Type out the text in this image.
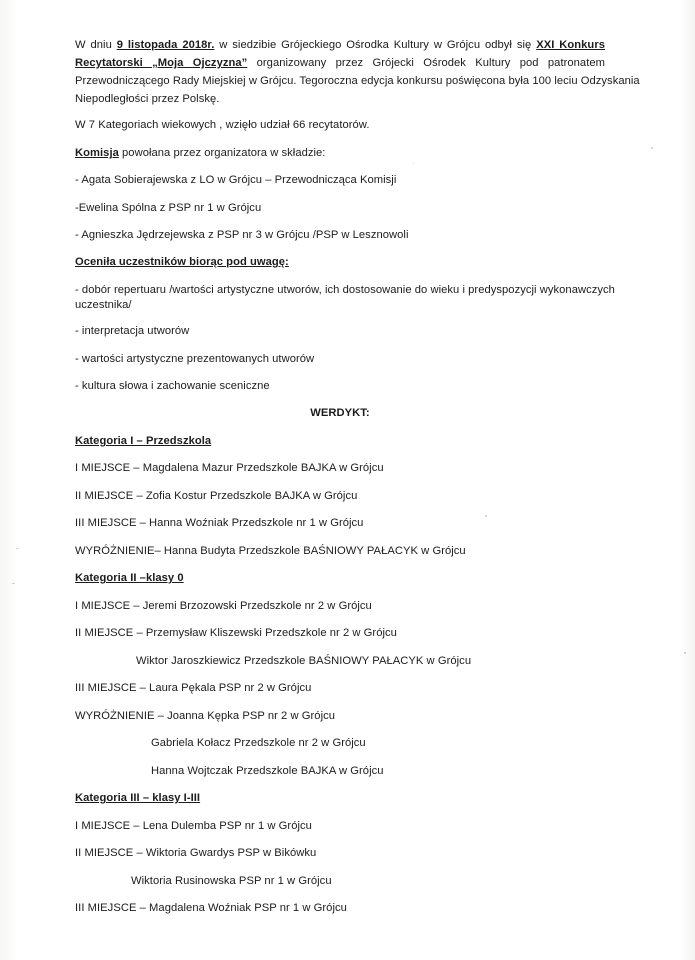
W dniu 9 listopada 2018r. w siedzibie Grójeckiego Ośrodka Kultury w Grójcu odbył się XXI Konkurs
Recytatorski „Moja Ojczyzna” organizowany przez Grójecki Ośrodek Kultury pod patronatem
Przewodniczącego Rady Miejskiej w Grójcu. Tegoroczna edycja konkursu poświęcona była 100 leciu Odzyskania
Niepodległości przez Polskę.
W 7 Kategoriach wiekowych , wzięło udział 66 recytatorów.
Komisja powołana przez organizatora w składzie:
- Agata Sobierajewska z LO w Grójcu – Przewodnicząca Komisji
-Ewelina Spólna z PSP nr 1 w Grójcu
- Agnieszka Jędrzejewska z PSP nr 3 w Grójcu /PSP w Lesznowoli
Oceniła uczestników biorąc pod uwagę:
- dobór repertuaru /wartości artystyczne utworów, ich dostosowanie do wieku i predyspozycji wykonawczych
uczestnika/
- interpretacja utworów
- wartości artystyczne prezentowanych utworów
- kultura słowa i zachowanie sceniczne
WERDYKT:
Kategoria I – Przedszkola
I MIEJSCE – Magdalena Mazur Przedszkole BAJKA w Grójcu
II MIEJSCE – Zofia Kostur Przedszkole BAJKA w Grójcu
III MIEJSCE – Hanna Woźniak Przedszkole nr 1 w Grójcu
WYRÓŻNIENIE– Hanna Budyta Przedszkole BAŚNIOWY PAŁACYK w Grójcu
Kategoria II –klasy 0
I MIEJSCE – Jeremi Brzozowski Przedszkole nr 2 w Grójcu
II MIEJSCE – Przemysław Kliszewski Przedszkole nr 2 w Grójcu
Wiktor Jaroszkiewicz Przedszkole BAŚNIOWY PAŁACYK w Grójcu
III MIEJSCE – Laura Pękala PSP nr 2 w Grójcu
WYRÓŻNIENIE – Joanna Kępka PSP nr 2 w Grójcu
Gabriela Kołacz Przedszkole nr 2 w Grójcu
Hanna Wojtczak Przedszkole BAJKA w Grójcu
Kategoria III – klasy I-III
I MIEJSCE – Lena Dulemba PSP nr 1 w Grójcu
II MIEJSCE – Wiktoria Gwardys PSP w Bikówku
Wiktoria Rusinowska PSP nr 1 w Grójcu
III MIEJSCE – Magdalena Woźniak PSP nr 1 w Grójcu
